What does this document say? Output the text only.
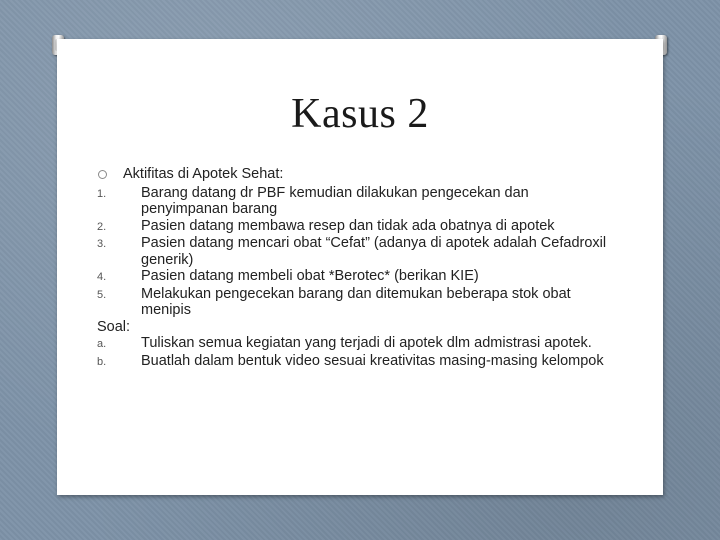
Kasus 2
Aktifitas di Apotek Sehat:
1.	Barang datang dr PBF kemudian dilakukan pengecekan dan penyimpanan barang
2.	Pasien datang membawa resep dan tidak ada obatnya di apotek
3.	Pasien datang mencari obat “Cefat” (adanya di apotek adalah Cefadroxil generik)
4.	Pasien datang membeli obat *Berotec* (berikan KIE)
5.	Melakukan pengecekan barang dan ditemukan beberapa stok obat menipis
Soal:
a.	Tuliskan semua kegiatan yang terjadi di apotek dlm admistrasi apotek.
b.	Buatlah dalam bentuk video sesuai kreativitas masing-masing kelompok
